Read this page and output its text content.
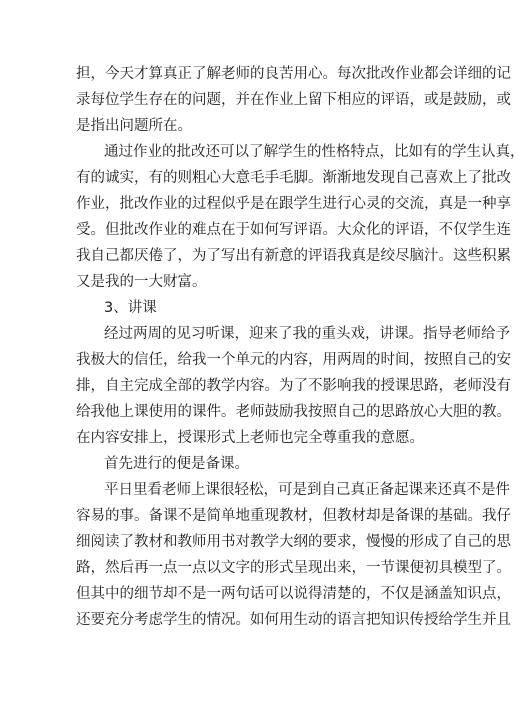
担，今天才算真正了解老师的良苦用心。每次批改作业都会详细的记
录每位学生存在的问题，并在作业上留下相应的评语，或是鼓励，或
是指出问题所在。
通过作业的批改还可以了解学生的性格特点，比如有的学生认真，
有的诚实，有的则粗心大意毛手毛脚。渐渐地发现自己喜欢上了批改
作业，批改作业的过程似乎是在跟学生进行心灵的交流，真是一种享
受。但批改作业的难点在于如何写评语。大众化的评语，不仅学生连
我自己都厌倦了，为了写出有新意的评语我真是绞尽脑汁。这些积累
又是我的一大财富。
3、讲课
经过两周的见习听课，迎来了我的重头戏，讲课。指导老师给予
我极大的信任，给我一个单元的内容，用两周的时间，按照自己的安
排，自主完成全部的教学内容。为了不影响我的授课思路，老师没有
给我他上课使用的课件。老师鼓励我按照自己的思路放心大胆的教。
在内容安排上，授课形式上老师也完全尊重我的意愿。
首先进行的便是备课。
平日里看老师上课很轻松，可是到自己真正备起课来还真不是件
容易的事。备课不是简单地重现教材，但教材却是备课的基础。我仔
细阅读了教材和教师用书对教学大纲的要求，慢慢的形成了自己的思
路，然后再一点一点以文字的形式呈现出来，一节课便初具模型了。
但其中的细节却不是一两句话可以说得清楚的，不仅是涵盖知识点，
还要充分考虑学生的情况。如何用生动的语言把知识传授给学生并且
